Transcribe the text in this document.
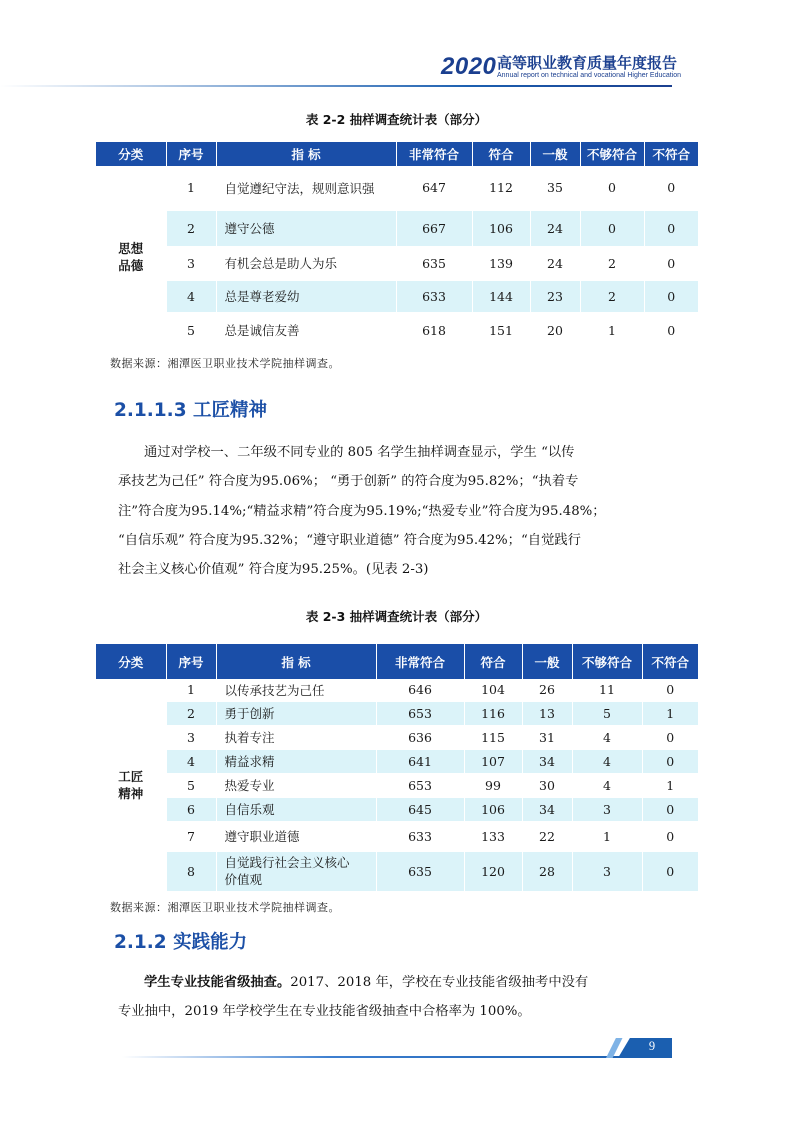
2020 高等职业教育质量年度报告
Annual report on technical and vocational Higher Education
表 2-2 抽样调查统计表（部分）
分类	序号	指 标	非常符合	符合	一般	不够符合	不符合
思想
品德	1	自觉遵纪守法，规则意识强	647	112	35	0	0
	2	遵守公德	667	106	24	0	0
	3	有机会总是助人为乐	635	139	24	2	0
	4	总是尊老爱幼	633	144	23	2	0
	5	总是诚信友善	618	151	20	1	0
数据来源：湘潭医卫职业技术学院抽样调查。
2.1.1.3 工匠精神
通过对学校一、二年级不同专业的 805 名学生抽样调查显示，学生 “以传
承技艺为己任” 符合度为95.06%； “勇于创新” 的符合度为95.82%；“执着专
注”符合度为95.14%;“精益求精”符合度为95.19%;“热爱专业”符合度为95.48%；
“自信乐观” 符合度为95.32%；“遵守职业道德” 符合度为95.42%；“自觉践行
社会主义核心价值观” 符合度为95.25%。(见表 2-3)
表 2-3 抽样调查统计表（部分）
分类	序号	指 标	非常符合	符合	一般	不够符合	不符合
工匠
精神	1	以传承技艺为己任	646	104	26	11	0
	2	勇于创新	653	116	13	5	1
	3	执着专注	636	115	31	4	0
	4	精益求精	641	107	34	4	0
	5	热爱专业	653	99	30	4	1
	6	自信乐观	645	106	34	3	0
	7	遵守职业道德	633	133	22	1	0
	8	自觉践行社会主义核心
价值观	635	120	28	3	0
数据来源：湘潭医卫职业技术学院抽样调查。
2.1.2 实践能力
学生专业技能省级抽查。2017、2018 年，学校在专业技能省级抽考中没有
专业抽中，2019 年学校学生在专业技能省级抽查中合格率为 100%。
9
